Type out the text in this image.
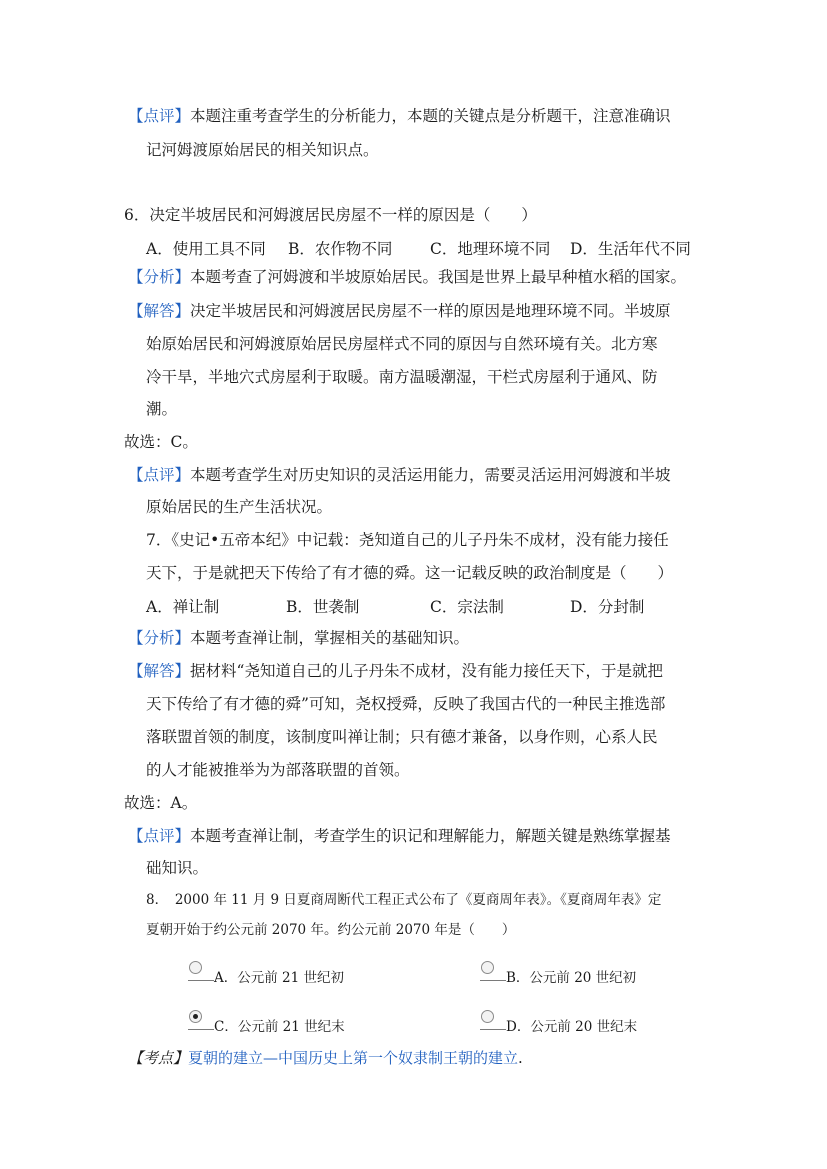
【点评】本题注重考查学生的分析能力，本题的关键点是分析题干，注意准确识
记河姆渡原始居民的相关知识点。
6．决定半坡居民和河姆渡居民房屋不一样的原因是（　　）
A．使用工具不同 B．农作物不同 C．地理环境不同 D．生活年代不同
【分析】本题考查了河姆渡和半坡原始居民。我国是世界上最早种植水稻的国家。
【解答】决定半坡居民和河姆渡居民房屋不一样的原因是地理环境不同。半坡原
始原始居民和河姆渡原始居民房屋样式不同的原因与自然环境有关。北方寒
冷干旱，半地穴式房屋利于取暖。南方温暖潮湿，干栏式房屋利于通风、防
潮。
故选：C。
【点评】本题考查学生对历史知识的灵活运用能力，需要灵活运用河姆渡和半坡
原始居民的生产生活状况。
7．《史记•五帝本纪》中记载：尧知道自己的儿子丹朱不成材，没有能力接任
天下，于是就把天下传给了有才德的舜。这一记载反映的政治制度是（　　）
A．禅让制	B．世袭制	C．宗法制	D．分封制
【分析】本题考查禅让制，掌握相关的基础知识。
【解答】据材料“尧知道自己的儿子丹朱不成材，没有能力接任天下，于是就把
天下传给了有才德的舜”可知，尧权授舜，反映了我国古代的一种民主推选部
落联盟首领的制度，该制度叫禅让制；只有德才兼备，以身作则，心系人民
的人才能被推举为为部落联盟的首领。
故选：A。
【点评】本题考查禅让制，考查学生的识记和理解能力，解题关键是熟练掌握基
础知识。
8．　2000 年 11 月 9 日夏商周断代工程正式公布了《夏商周年表》。《夏商周年表》定
夏朝开始于约公元前 2070 年。约公元前 2070 年是（　　）
A．公元前 21 世纪初	B．公元前 20 世纪初
C．公元前 21 世纪末	D．公元前 20 世纪末
【考点】夏朝的建立—中国历史上第一个奴隶制王朝的建立.
